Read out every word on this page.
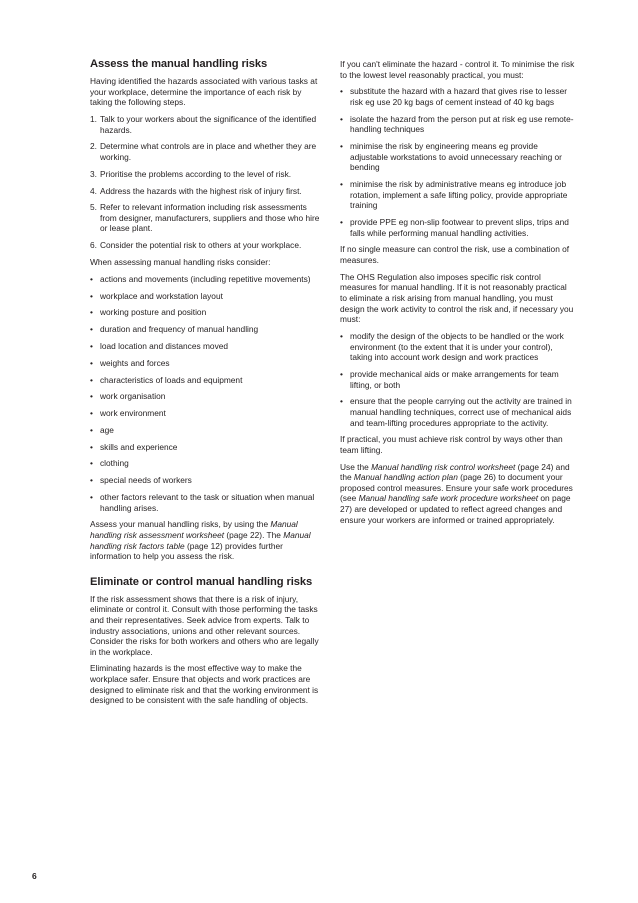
Assess the manual handling risks

Having identified the hazards associated with various tasks at your workplace, determine the importance of each risk by taking the following steps.

1. Talk to your workers about the significance of the identified hazards.
2. Determine what controls are in place and whether they are working.
3. Prioritise the problems according to the level of risk.
4. Address the hazards with the highest risk of injury first.
5. Refer to relevant information including risk assessments from designer, manufacturers, suppliers and those who hire or lease plant.
6. Consider the potential risk to others at your workplace.

When assessing manual handling risks consider:

• actions and movements (including repetitive movements)
• workplace and workstation layout
• working posture and position
• duration and frequency of manual handling
• load location and distances moved
• weights and forces
• characteristics of loads and equipment
• work organisation
• work environment
• age
• skills and experience
• clothing
• special needs of workers
• other factors relevant to the task or situation when manual handling arises.

Assess your manual handling risks, by using the Manual handling risk assessment worksheet (page 22). The Manual handling risk factors table (page 12) provides further information to help you assess the risk.

Eliminate or control manual handling risks

If the risk assessment shows that there is a risk of injury, eliminate or control it. Consult with those performing the tasks and their representatives. Seek advice from experts. Talk to industry associations, unions and other relevant sources. Consider the risks for both workers and others who are legally in the workplace.

Eliminating hazards is the most effective way to make the workplace safer. Ensure that objects and work practices are designed to eliminate risk and that the working environment is designed to be consistent with the safe handling of objects.

If you can't eliminate the hazard - control it. To minimise the risk to the lowest level reasonably practical, you must:

• substitute the hazard with a hazard that gives rise to lesser risk eg use 20 kg bags of cement instead of 40 kg bags
• isolate the hazard from the person put at risk eg use remote-handling techniques
• minimise the risk by engineering means eg provide adjustable workstations to avoid unnecessary reaching or bending
• minimise the risk by administrative means eg introduce job rotation, implement a safe lifting policy, provide appropriate training
• provide PPE eg non-slip footwear to prevent slips, trips and falls while performing manual handling activities.

If no single measure can control the risk, use a combination of measures.

The OHS Regulation also imposes specific risk control measures for manual handling. If it is not reasonably practical to eliminate a risk arising from manual handling, you must design the work activity to control the risk and, if necessary you must:

• modify the design of the objects to be handled or the work environment (to the extent that it is under your control), taking into account work design and work practices
• provide mechanical aids or make arrangements for team lifting, or both
• ensure that the people carrying out the activity are trained in manual handling techniques, correct use of mechanical aids and team-lifting procedures appropriate to the activity.

If practical, you must achieve risk control by ways other than team lifting.

Use the Manual handling risk control worksheet (page 24) and the Manual handling action plan (page 26) to document your proposed control measures. Ensure your safe work procedures (see Manual handling safe work procedure worksheet on page 27) are developed or updated to reflect agreed changes and ensure your workers are informed or trained appropriately.

6
